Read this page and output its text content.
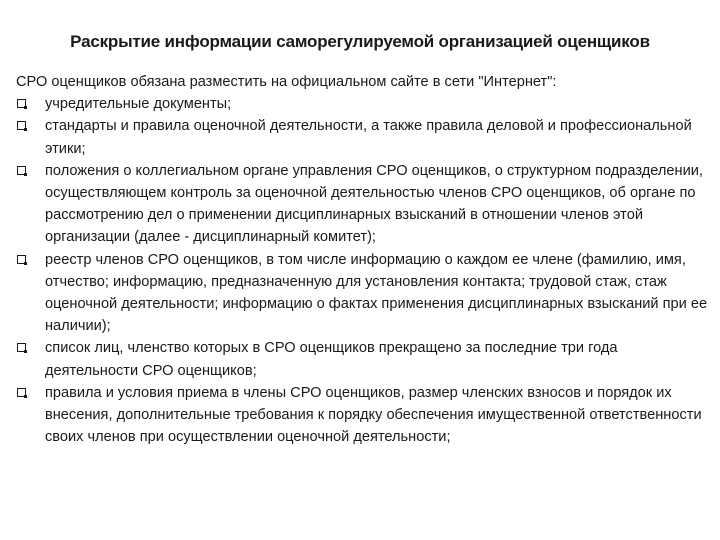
Раскрытие информации саморегулируемой организацией оценщиков

СРО оценщиков обязана разместить на официальном сайте в сети "Интернет":

учредительные документы;
стандарты и правила оценочной деятельности, а также правила деловой и профессиональной этики;
положения о коллегиальном органе управления СРО оценщиков, о структурном подразделении, осуществляющем контроль за оценочной деятельностью членов СРО оценщиков, об органе по рассмотрению дел о применении дисциплинарных взысканий в отношении членов этой организации (далее - дисциплинарный комитет);
реестр членов СРО оценщиков, в том числе информацию о каждом ее члене (фамилию, имя, отчество; информацию, предназначенную для установления контакта; трудовой стаж, стаж оценочной деятельности; информацию о фактах применения дисциплинарных взысканий при ее наличии);
список лиц, членство которых в СРО оценщиков прекращено за последние три года деятельности СРО оценщиков;
правила и условия приема в члены СРО оценщиков, размер членских взносов и порядок их внесения, дополнительные требования к порядку обеспечения имущественной ответственности своих членов при осуществлении оценочной деятельности;
